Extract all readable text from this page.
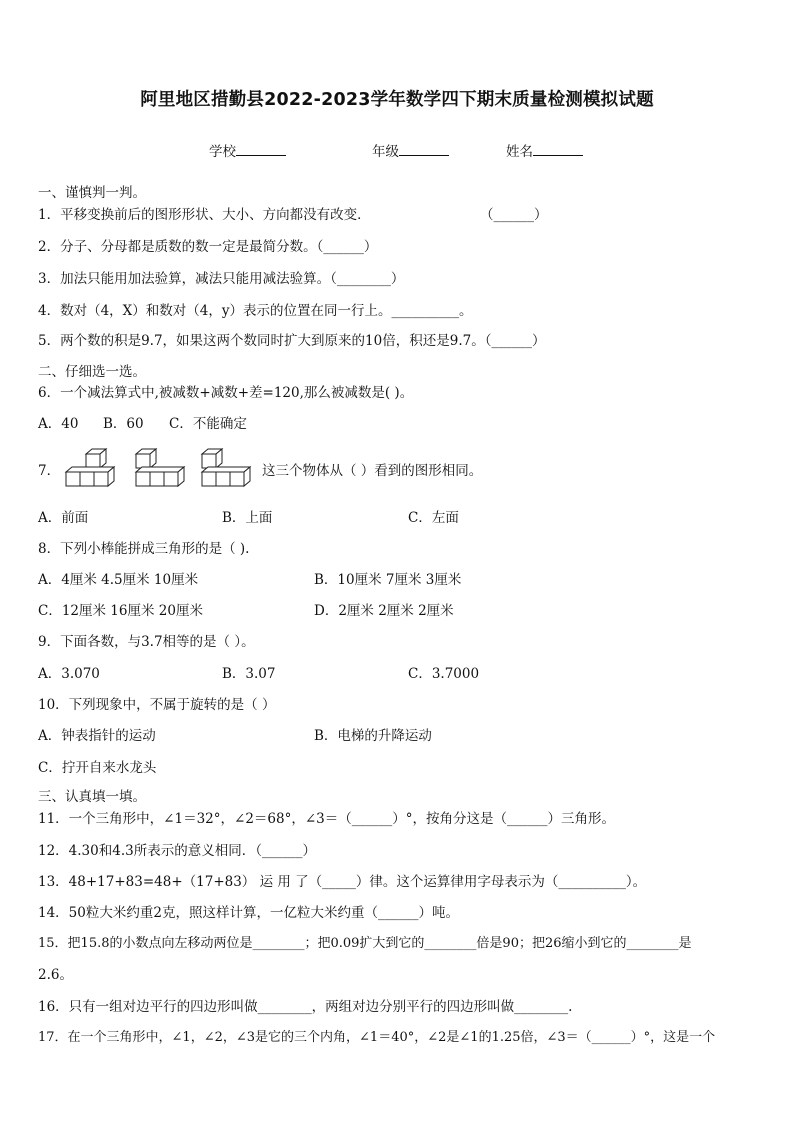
阿里地区措勤县2022-2023学年数学四下期末质量检测模拟试题
学校	年级	姓名
一、谨慎判一判。
1．平移变换前后的图形形状、大小、方向都没有改变．	（______）
2．分子、分母都是质数的数一定是最简分数。（______）
3．加法只能用加法验算，减法只能用减法验算。（________）
4．数对（4，X）和数对（4，y）表示的位置在同一行上。__________。
5．两个数的积是9.7，如果这两个数同时扩大到原来的10倍，积还是9.7。（______）
二、仔细选一选。
6．一个减法算式中,被减数+减数+差=120,那么被减数是( )。
A．40 B．60 C．不能确定
7．	这三个物体从（ ）看到的图形相同。
A．前面	B．上面	C．左面
8．下列小棒能拼成三角形的是（ ).
A．4厘米 4.5厘米 10厘米	B．10厘米 7厘米 3厘米
C．12厘米 16厘米 20厘米	D．2厘米 2厘米 2厘米
9．下面各数，与3.7相等的是（ ）。
A．3.070	B．3.07	C．3.7000
10．下列现象中，不属于旋转的是（ ）
A．钟表指针的运动	B．电梯的升降运动
C．拧开自来水龙头
三、认真填一填。
11．一个三角形中，∠1＝32°，∠2＝68°，∠3＝（______）°，按角分这是（______）三角形。
12．4.30和4.3所表示的意义相同．（______）
13．48+17+83=48+（17+83） 运 用 了（_____）律。这个运算律用字母表示为（__________）。
14．50粒大米约重2克，照这样计算，一亿粒大米约重（______）吨。
15．把15.8的小数点向左移动两位是________；把0.09扩大到它的________倍是90；把26缩小到它的________是
2.6。
16．只有一组对边平行的四边形叫做________，两组对边分别平行的四边形叫做________.
17．在一个三角形中，∠1，∠2，∠3是它的三个内角，∠1＝40°，∠2是∠1的1.25倍，∠3＝（______）°，这是一个
